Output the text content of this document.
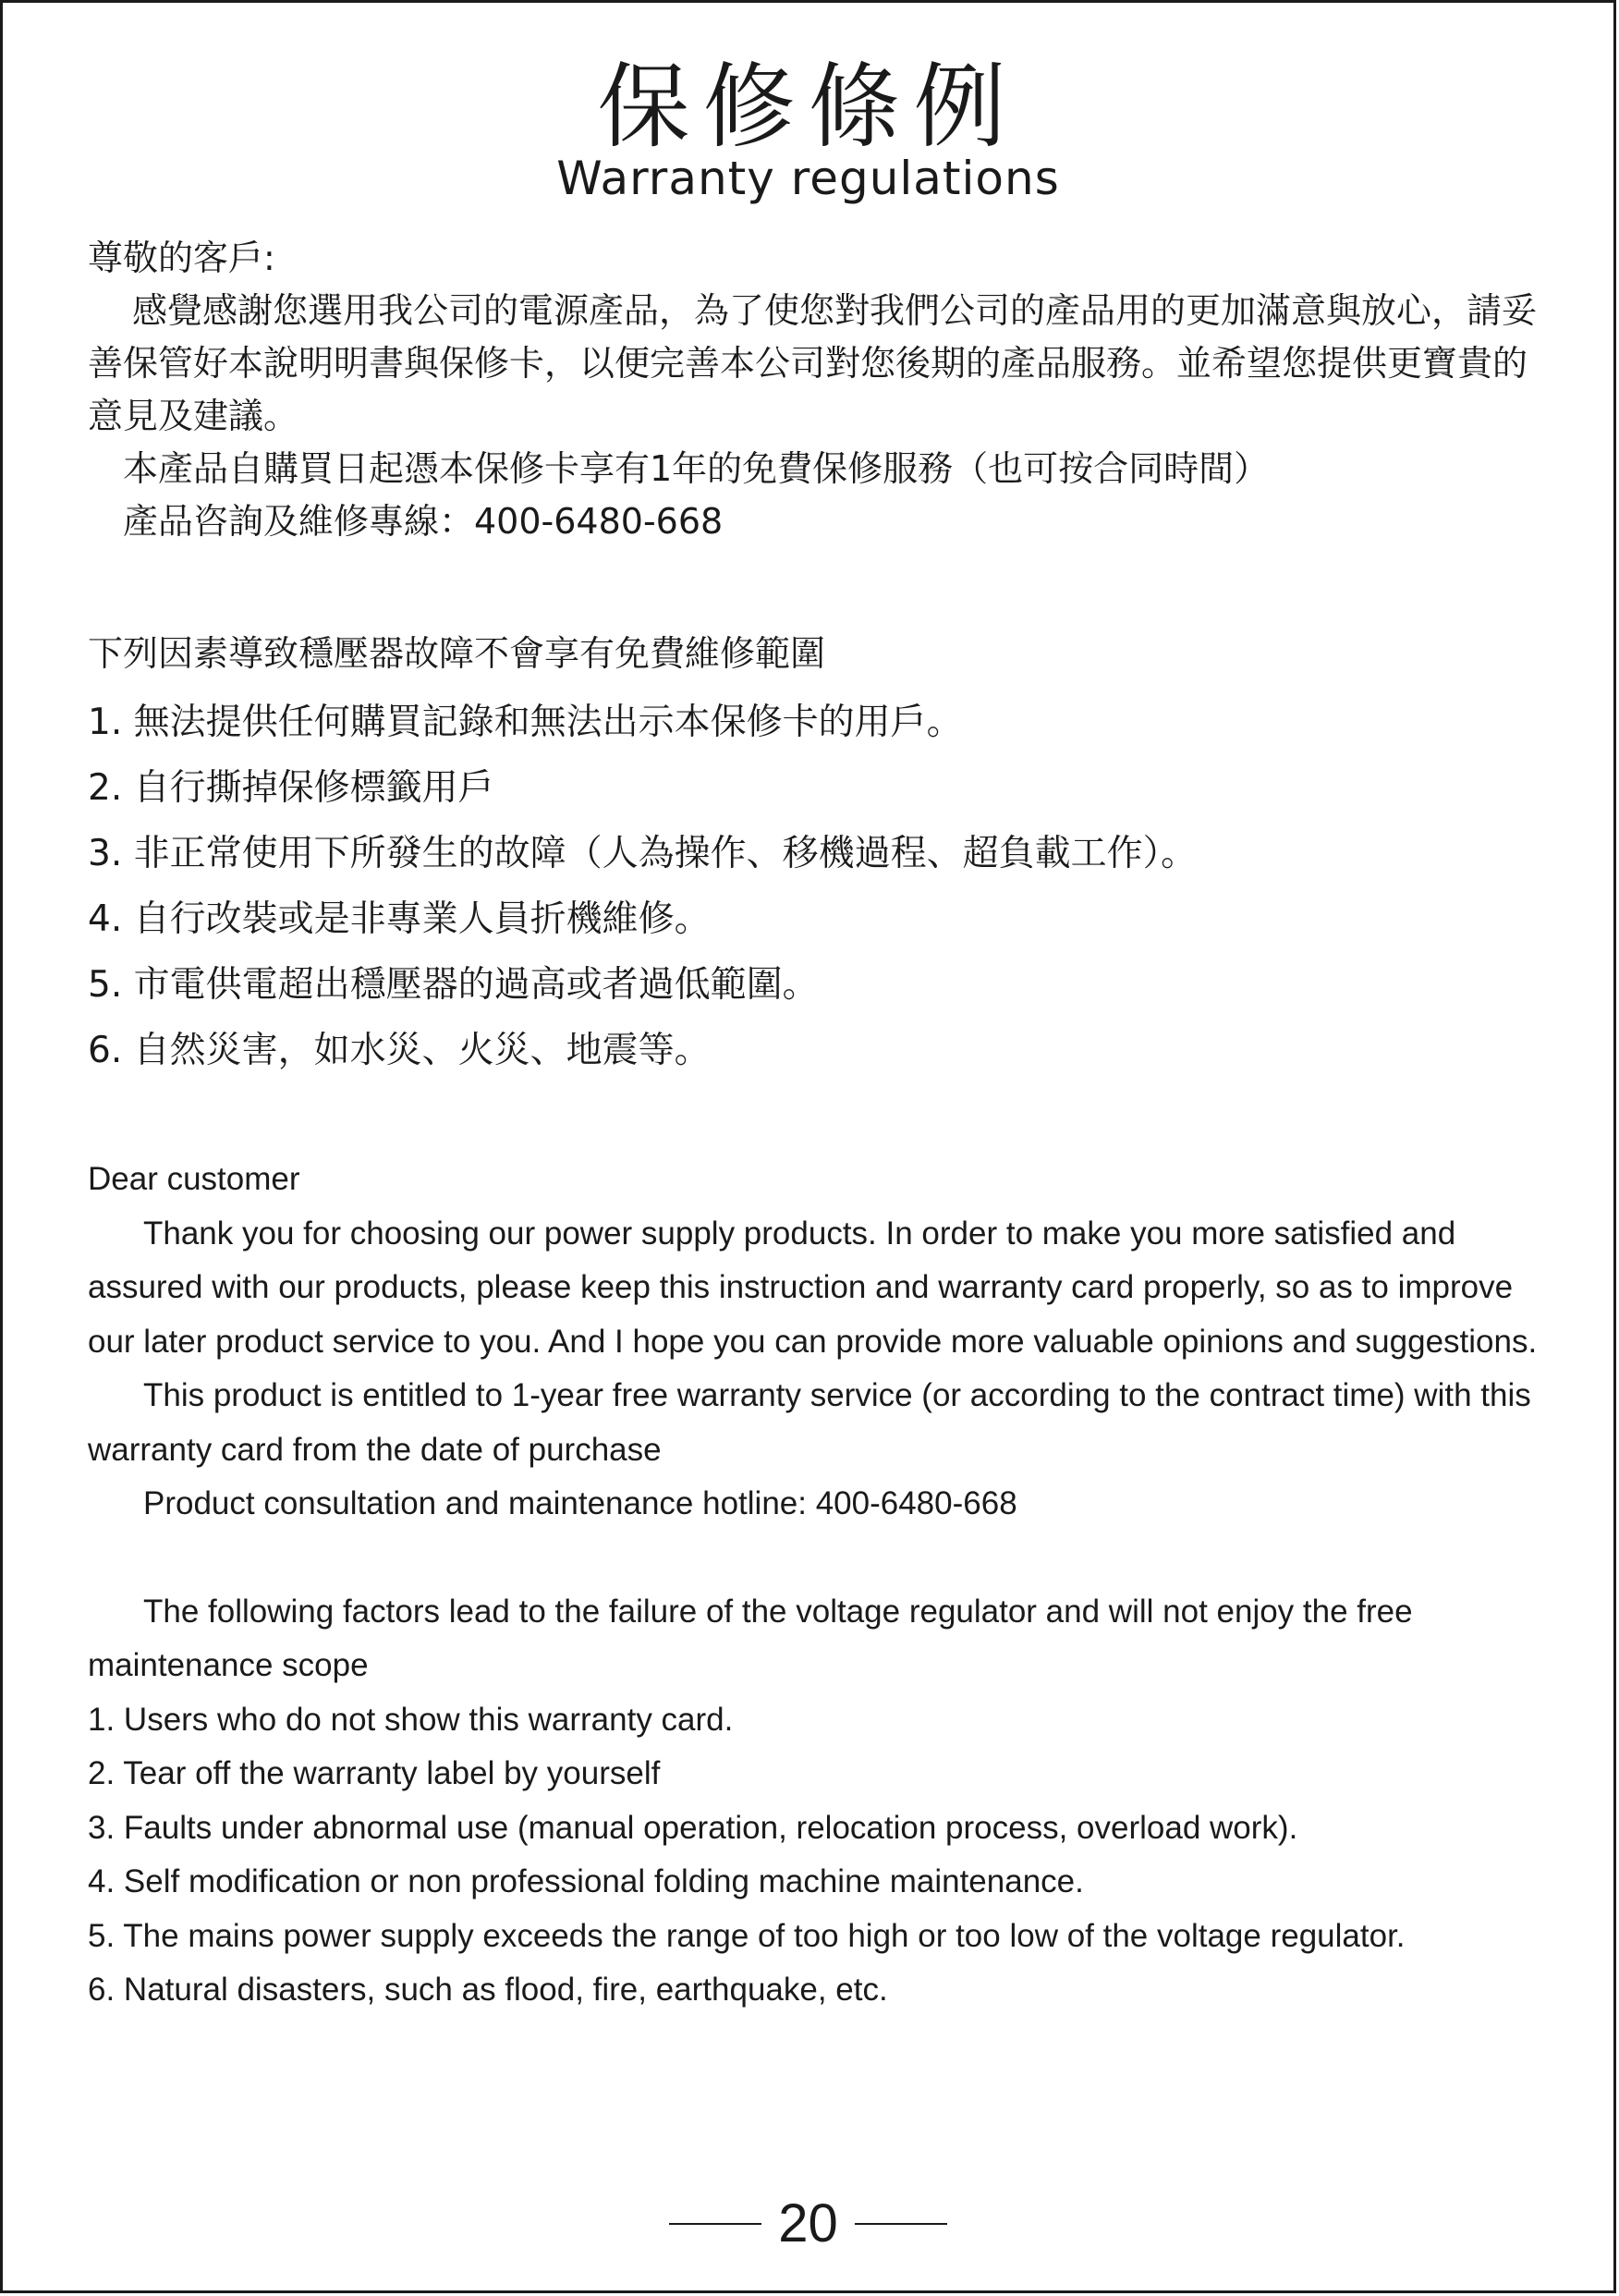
保修條例
Warranty regulations

尊敬的客戶:

感覺感謝您選用我公司的電源產品，為了使您對我們公司的產品用的更加滿意與放心，請妥善保管好本說明明書與保修卡，以便完善本公司對您後期的產品服務。並希望您提供更寶貴的意見及建議。

本產品自購買日起憑本保修卡享有1年的免費保修服務（也可按合同時間）

產品咨詢及維修專線：400-6480-668

下列因素導致穩壓器故障不會享有免費維修範圍

1. 無法提供任何購買記錄和無法出示本保修卡的用戶。

2. 自行撕掉保修標籤用戶

3. 非正常使用下所發生的故障（人為操作、移機過程、超負載工作）。

4. 自行改裝或是非專業人員折機維修。

5. 市電供電超出穩壓器的過高或者過低範圍。

6. 自然災害，如水災、火災、地震等。

Dear customer

Thank you for choosing our power supply products. In order to make you more satisfied and assured with our products, please keep this instruction and warranty card properly, so as to improve our later product service to you. And I hope you can provide more valuable opinions and suggestions.

This product is entitled to 1-year free warranty service (or according to the contract time) with this warranty card from the date of purchase

Product consultation and maintenance hotline: 400-6480-668

The following factors lead to the failure of the voltage regulator and will not enjoy the free maintenance scope

1. Users who do not show this warranty card.

2. Tear off the warranty label by yourself

3. Faults under abnormal use (manual operation, relocation process, overload work).

4. Self modification or non professional folding machine maintenance.

5. The mains power supply exceeds the range of too high or too low of the voltage regulator.

6. Natural disasters, such as flood, fire, earthquake, etc.

20
